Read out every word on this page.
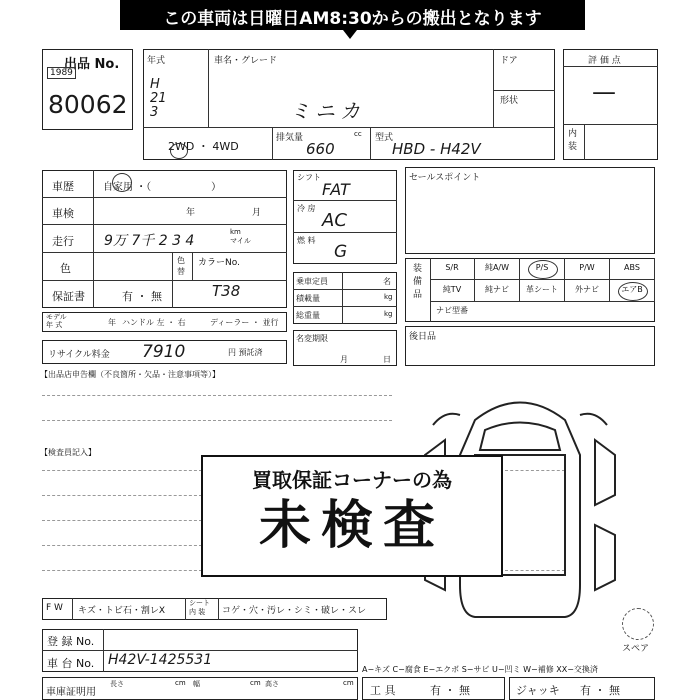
この車両は日曜日AM8:30からの搬出となります
出品 No.
1989
80062
年式
H
21
3
車名・グレード
ミニカ
ドア
形状
2WD ・ 4WD
排気量	cc
660
型式
HBD - H42V
評 価 点
—
内
装
車歴	自家用 ・（　　　　　　）
車検	年	月
走行 9万 7千 2 3 4
km
マイル
色
色
替
カラーNo.
T38
保証書	有 ・ 無
モデル
年 式	年 ハンドル 左 ・ 右	ディーラー ・ 並行
リサイクル料金 7910	円 預託済
シフト
FAT
冷 房
AC
燃 料
G
乗車定員	名
積載量	kg
総重量	kg
名変期限
月	日
セールスポイント
装
備
品
S/R	純A/W	P/S	P/W	ABS
純TV	純ナビ	革シート	外ナビ	エアB
ナビ型番
後日品
【出品店申告欄（不良箇所・欠品・注意事項等）】
【検査員記入】
スペア
買取保証コーナーの為
未検査
F W キズ・トビ石・割レX
シート
内 装	コゲ・穴・汚レ・シミ・破レ・スレ
登 録 No.
車 台 No. H42V-1425531
A−キズ C−腐食 E−エクボ S−サビ U−凹ミ W−補修 XX−交換済
車庫証明用
長さ	cm 幅	cm 高さ	cm
工 具	有 ・ 無	ジャッキ 有 ・ 無
